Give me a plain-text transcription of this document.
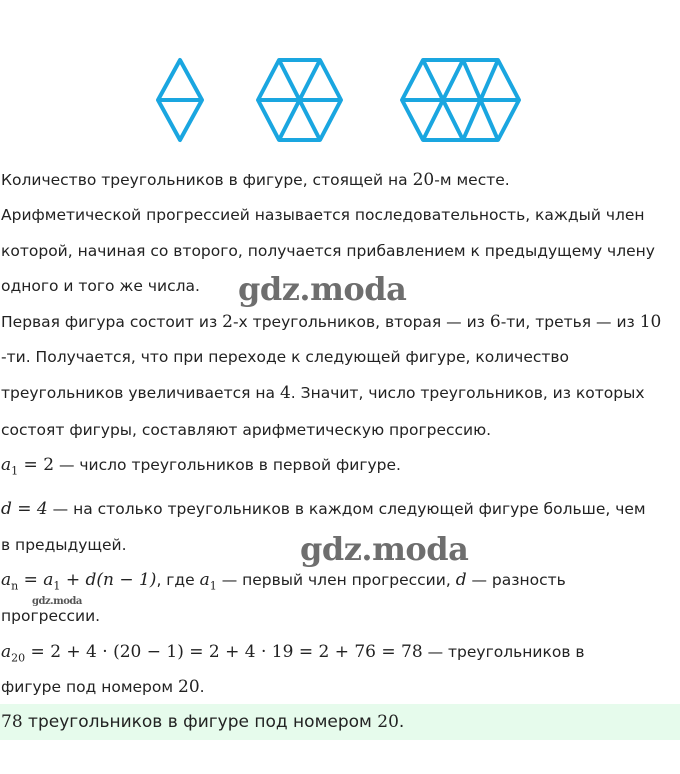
Количество треугольников в фигуре, стоящей на 20-м месте.
Арифметической прогрессией называется последовательность, каждый член
которой, начиная со второго, получается прибавлением к предыдущему члену
одного и того же числа.
Первая фигура состоит из 2-х треугольников, вторая — из 6-ти, третья — из 10
-ти. Получается, что при переходе к следующей фигуре, количество
треугольников увеличивается на 4. Значит, число треугольников, из которых
состоят фигуры, составляют арифметическую прогрессию.
$a_1 = 2$ — число треугольников в первой фигуре.
d = 4 — на столько треугольников в каждом следующей фигуре больше, чем
в предыдущей.
$a_n = a_1 + d(n - 1)$, где $a_1$ — первый член прогрессии, d — разность
прогрессии.
$a_{20} = 2 + 4 \cdot (20 - 1) = 2 + 4 \cdot 19 = 2 + 76 = 78$ — треугольников в
фигуре под номером 20.
78 треугольников в фигуре под номером 20.
gdz.moda
gdz.moda
gdz.moda
